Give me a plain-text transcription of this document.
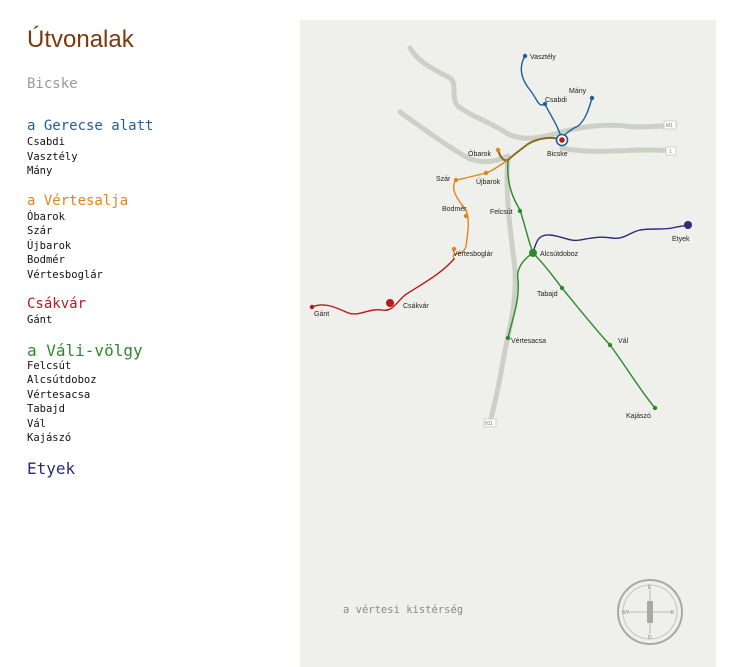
Útvonalak
Bicske
a Gerecse alatt
Csabdi
Vasztély
Mány
a Vértesalja
Óbarok
Szár
Újbarok
Bodmér
Vértesboglár
Csákvár
Gánt
a Váli-völgy
Felcsút
Alcsútdoboz
Vértesacsa
Tabajd
Vál
Kajászó
Etyek
M1
1
811
Vasztély
Csabdi
Mány
Bicske
Óbarok
Szár	Újbarok
Bodmér	Felcsút
Vértesboglár	Alcsútdoboz
Etyek
Tabajd
Gánt
Csákvár
Vértesacsa	Vál
Kajászó
a vértesi kistérség
É
D
K
NY
